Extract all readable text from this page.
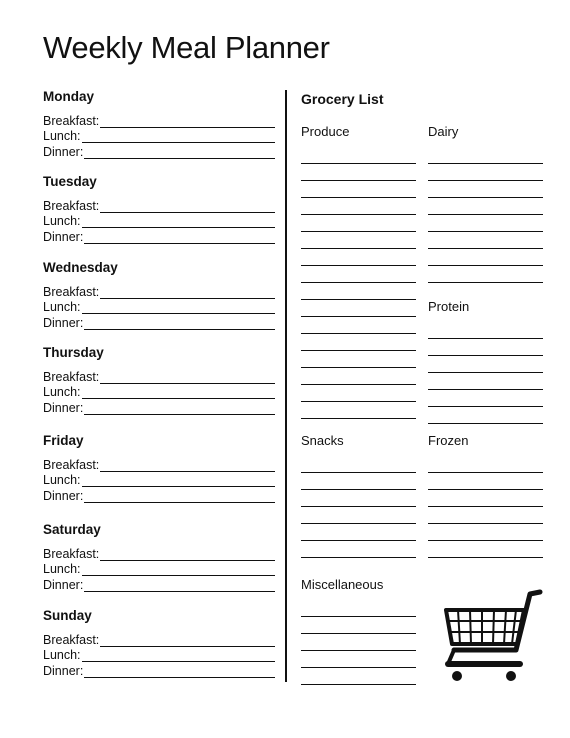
Weekly Meal Planner
Monday
Breakfast:
Lunch:
Dinner:
Tuesday
Breakfast:
Lunch:
Dinner:
Wednesday
Breakfast:
Lunch:
Dinner:
Thursday
Breakfast:
Lunch:
Dinner:
Friday
Breakfast:
Lunch:
Dinner:
Saturday
Breakfast:
Lunch:
Dinner:
Sunday
Breakfast:
Lunch:
Dinner:
Grocery List
Produce	Dairy
Protein
Snacks	Frozen
Miscellaneous
